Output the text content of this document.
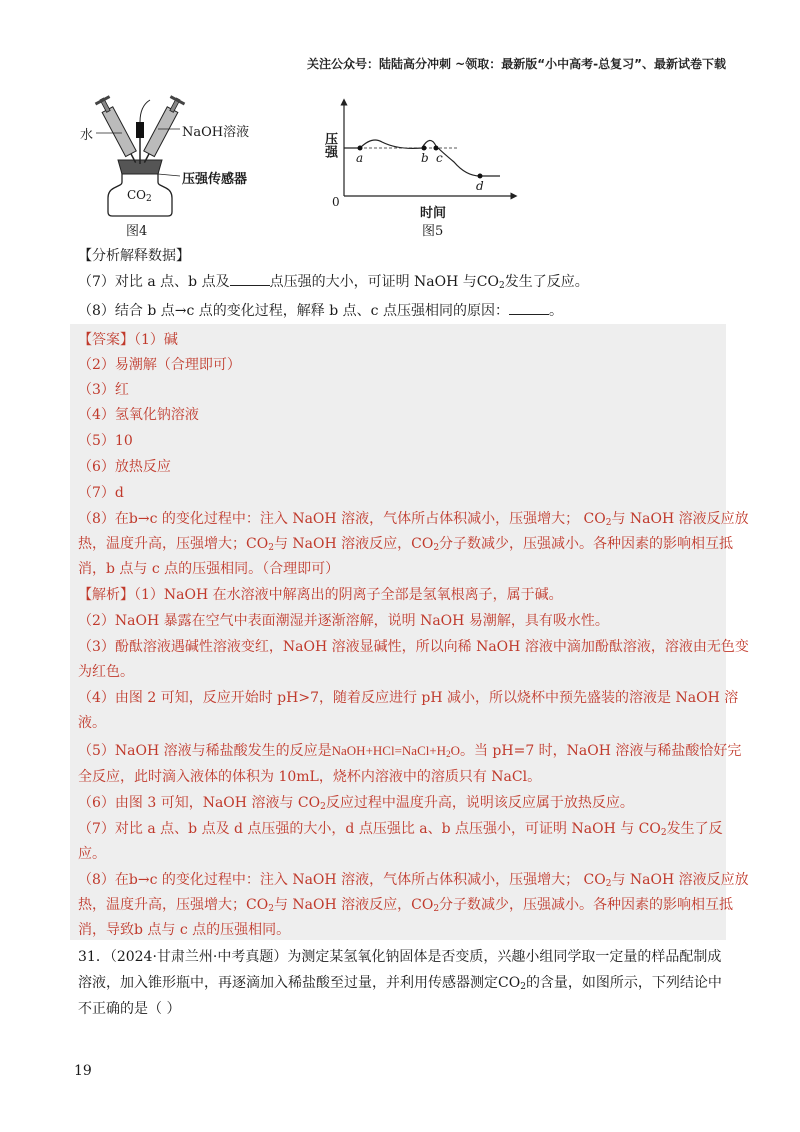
关注公众号：陆陆高分冲刺 ~领取：最新版“小中高考-总复习”、最新试卷下载
水	NaOH溶液
压强传感器
$CO_2$
图4
压强
0
a	b c
d
时间
图5
【分析解释数据】
（7）对比 a 点、b 点及	点压强的大小，可证明 NaOH 与$CO_2$发生了反应。
（8）结合 b 点→c 点的变化过程，解释 b 点、c 点压强相同的原因：	。
【答案】（1）碱
（2）易潮解（合理即可）
（3）红
（4）氢氧化钠溶液
（5）10
（6）放热反应
（7）d
（8）在b→c 的变化过程中：注入 NaOH 溶液，气体所占体积减小，压强增大； $CO_2$与 NaOH 溶液反应放
热，温度升高，压强增大；$CO_2$与 NaOH 溶液反应，$CO_2$分子数减少，压强减小。各种因素的影响相互抵
消，b 点与 c 点的压强相同。（合理即可）
【解析】（1）NaOH 在水溶液中解离出的阴离子全部是氢氧根离子，属于碱。
（2）NaOH 暴露在空气中表面潮湿并逐渐溶解，说明 NaOH 易潮解，具有吸水性。
（3）酚酞溶液遇碱性溶液变红，NaOH 溶液显碱性，所以向稀 NaOH 溶液中滴加酚酞溶液，溶液由无色变
为红色。
（4）由图 2 可知，反应开始时 pH>7，随着反应进行 pH 减小，所以烧杯中预先盛装的溶液是 NaOH 溶
液。
（5）NaOH 溶液与稀盐酸发生的反应是$NaOH+HCl=NaCl+H_2O$。当 pH=7 时，NaOH 溶液与稀盐酸恰好完
全反应，此时滴入液体的体积为 10mL，烧杯内溶液中的溶质只有 NaCl。
（6）由图 3 可知，NaOH 溶液与 $CO_2$反应过程中温度升高，说明该反应属于放热反应。
（7）对比 a 点、b 点及 d 点压强的大小，d 点压强比 a、b 点压强小，可证明 NaOH 与 $CO_2$发生了反
应。
（8）在b→c 的变化过程中：注入 NaOH 溶液，气体所占体积减小，压强增大； $CO_2$与 NaOH 溶液反应放
热，温度升高，压强增大；$CO_2$与 NaOH 溶液反应，$CO_2$分子数减少，压强减小。各种因素的影响相互抵
消，导致b 点与 c 点的压强相同。
31．（2024·甘肃兰州·中考真题）为测定某氢氧化钠固体是否变质，兴趣小组同学取一定量的样品配制成
溶液，加入锥形瓶中，再逐滴加入稀盐酸至过量，并利用传感器测定$CO_2$的含量，如图所示，下列结论中
不正确的是（ ）
19
